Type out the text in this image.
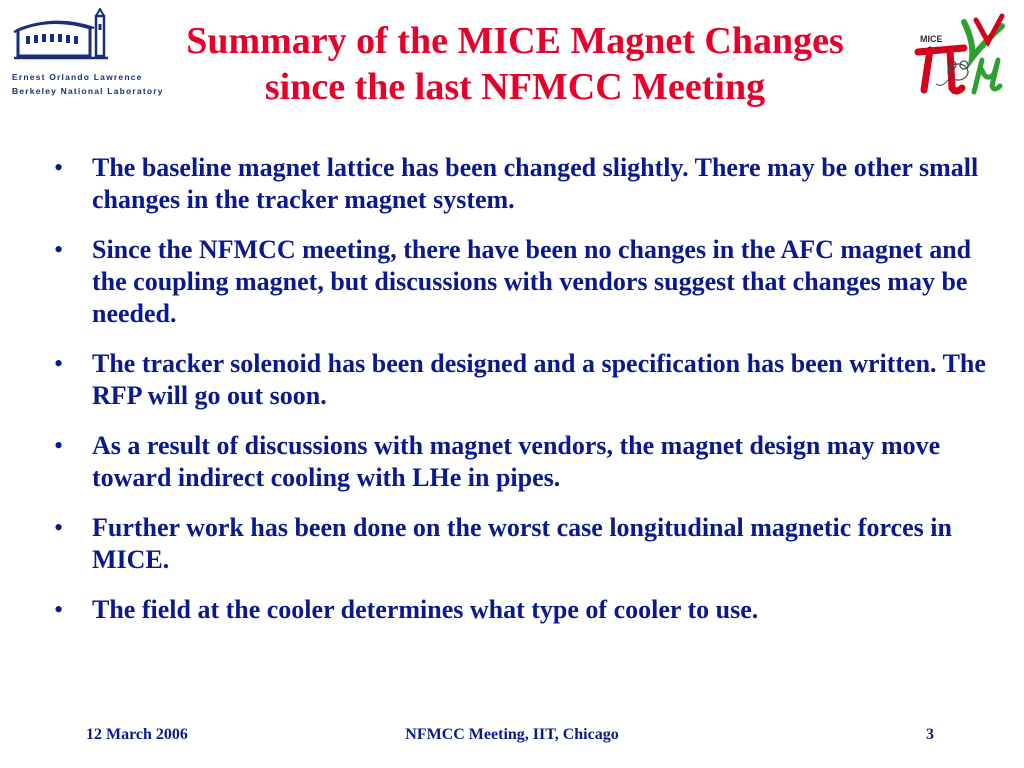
Ernest Orlando Lawrence
Berkeley National Laboratory
Summary of the MICE Magnet Changes
since the last NFMCC Meeting
MICE
• The baseline magnet lattice has been changed slightly. There may be other small changes in the tracker magnet system.
• Since the NFMCC meeting, there have been no changes in the AFC magnet and the coupling magnet, but discussions with vendors suggest that changes may be needed.
• The tracker solenoid has been designed and a specification has been written. The RFP will go out soon.
• As a result of discussions with magnet vendors, the magnet design may move toward indirect cooling with LHe in pipes.
• Further work has been done on the worst case longitudinal magnetic forces in MICE.
• The field at the cooler determines what type of cooler to use.
12 March 2006	NFMCC Meeting, IIT, Chicago	3
